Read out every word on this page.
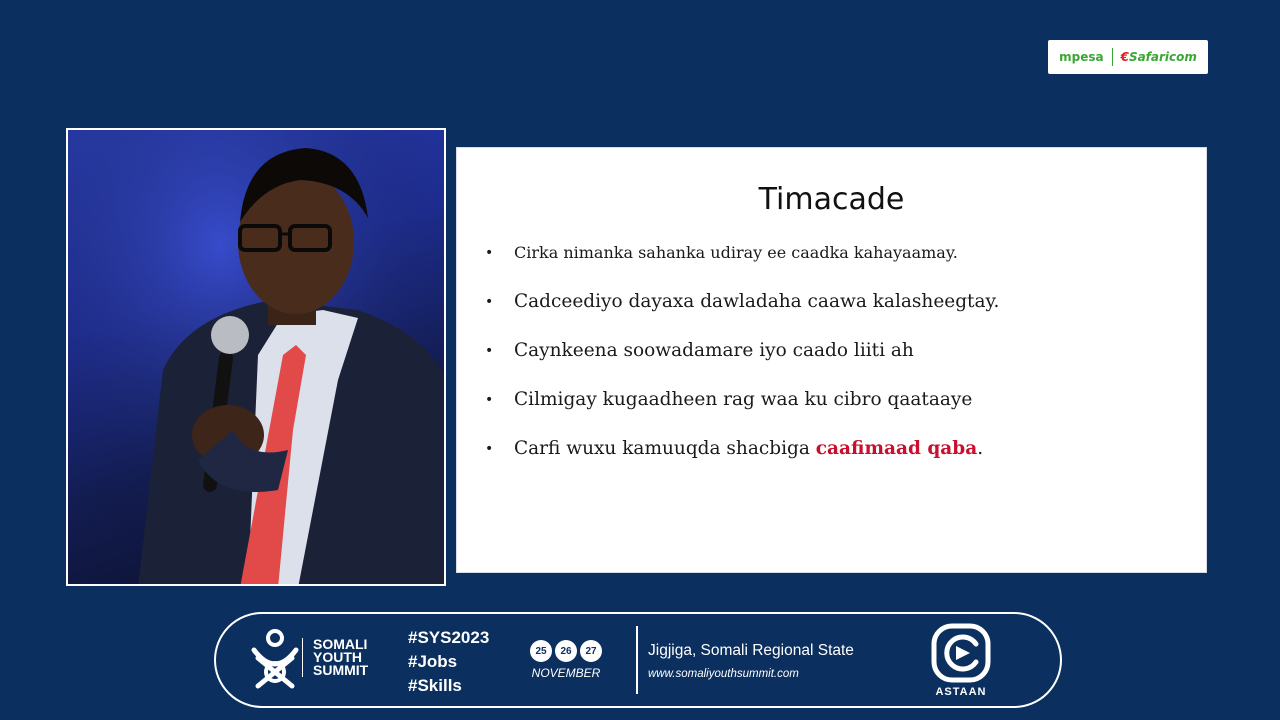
mpesa €Safaricom
Timacade
• Cirka nimanka sahanka udiray ee caadka kahayaamay.
• Cadceediyo dayaxa dawladaha caawa kalasheegtay.
• Caynkeena soowadamare iyo caado liiti ah
• Cilmigay kugaadheen rag waa ku cibro qaataaye
• Carfi wuxu kamuuqda shacbiga caafimaad qaba.
SOMALI
YOUTH
SUMMIT
#SYS2023
#Jobs
#Skills
25	26	27
NOVEMBER
Jigjiga, Somali Regional State
www.somaliyouthsummit.com
ASTAAN
